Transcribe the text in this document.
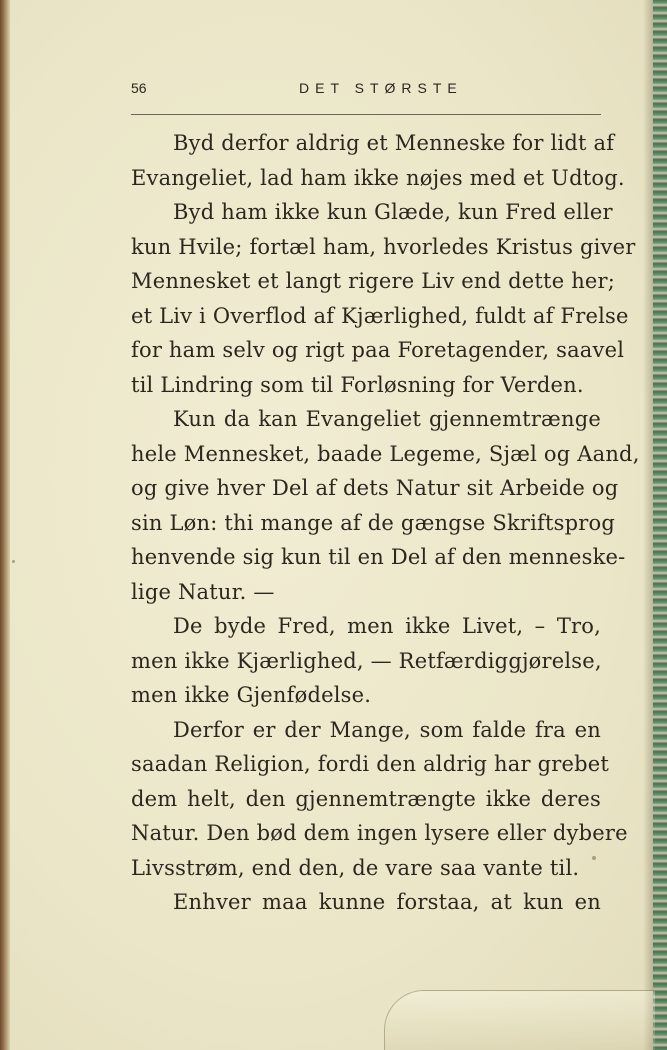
56	DET STØRSTE
Byd derfor aldrig et Menneske for lidt af
Evangeliet, lad ham ikke nøjes med et Udtog.
Byd ham ikke kun Glæde, kun Fred eller
kun Hvile; fortæl ham, hvorledes Kristus giver
Mennesket et langt rigere Liv end dette her;
et Liv i Overflod af Kjærlighed, fuldt af Frelse
for ham selv og rigt paa Foretagender, saavel
til Lindring som til Forløsning for Verden.
Kun da kan Evangeliet gjennemtrænge
hele Mennesket, baade Legeme, Sjæl og Aand,
og give hver Del af dets Natur sit Arbeide og
sin Løn: thi mange af de gængse Skriftsprog
henvende sig kun til en Del af den menneske-
lige Natur. —
De byde Fred, men ikke Livet, – Tro,
men ikke Kjærlighed, — Retfærdiggjørelse,
men ikke Gjenfødelse.
Derfor er der Mange, som falde fra en
saadan Religion, fordi den aldrig har grebet
dem helt, den gjennemtrængte ikke deres
Natur. Den bød dem ingen lysere eller dybere
Livsstrøm, end den, de vare saa vante til.
Enhver maa kunne forstaa, at kun en
